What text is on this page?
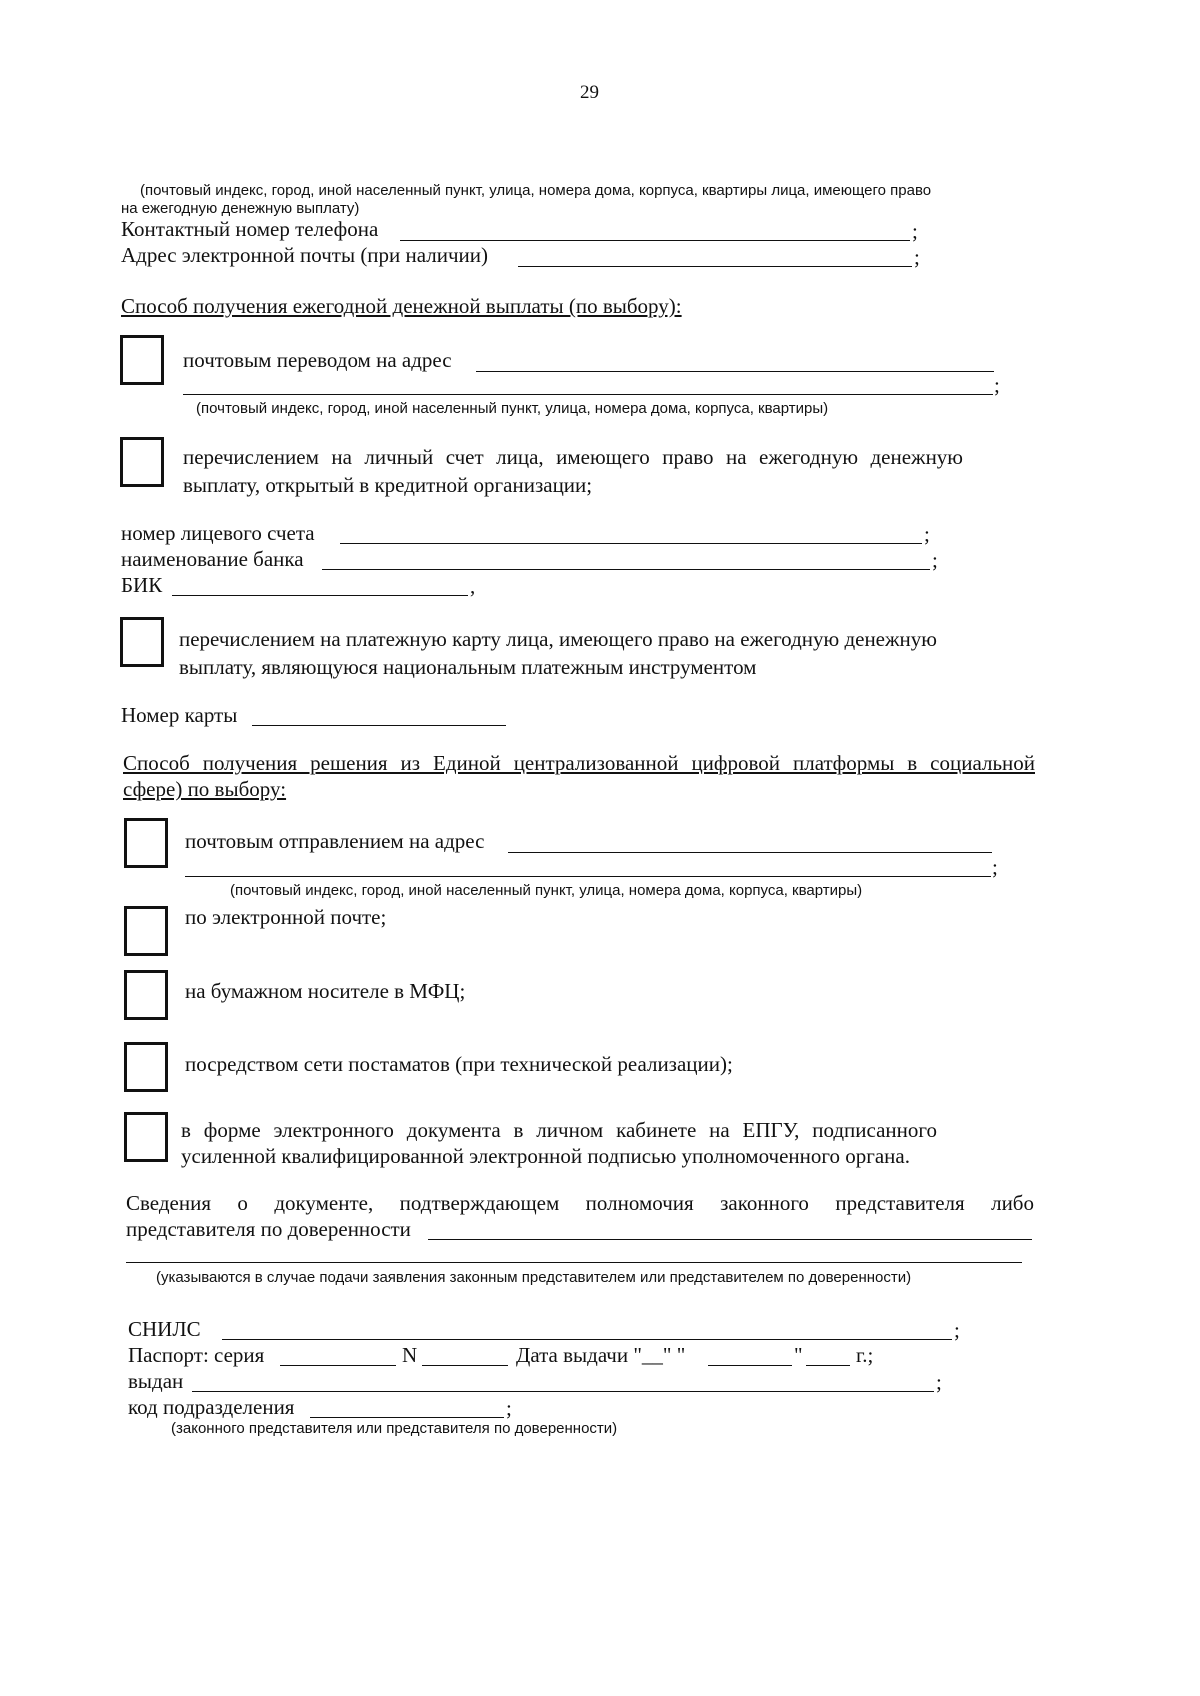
29
(почтовый индекс, город, иной населенный пункт, улица, номера дома, корпуса, квартиры лица, имеющего право
на ежегодную денежную выплату)
Контактный номер телефона	;
Адрес электронной почты (при наличии)	;
Способ получения ежегодной денежной выплаты (по выбору):
почтовым переводом на адрес
;
(почтовый индекс, город, иной населенный пункт, улица, номера дома, корпуса, квартиры)
перечислением на личный счет лица, имеющего право на ежегодную денежную
выплату, открытый в кредитной организации;
номер лицевого счета	;
наименование банка	;
БИК	,
перечислением на платежную карту лица, имеющего право на ежегодную денежную
выплату, являющуюся национальным платежным инструментом
Номер карты
Способ получения решения из Единой централизованной цифровой платформы в социальной
сфере) по выбору:
почтовым отправлением на адрес
;
(почтовый индекс, город, иной населенный пункт, улица, номера дома, корпуса, квартиры)
по электронной почте;
на бумажном носителе в МФЦ;
посредством сети постаматов (при технической реализации);
в форме электронного документа в личном кабинете на ЕПГУ, подписанного
усиленной квалифицированной электронной подписью уполномоченного органа.
Сведения о документе, подтверждающем полномочия законного представителя либо
представителя по доверенности
(указываются в случае подачи заявления законным представителем или представителем по доверенности)
СНИЛС	;
Паспорт: серия	N	Дата выдачи "__" "	"	г.;
выдан	;
код подразделения	;
(законного представителя или представителя по доверенности)
